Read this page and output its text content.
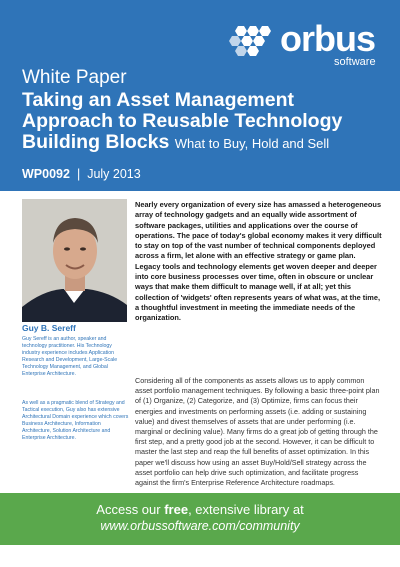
orbus
software
White Paper
Taking an Asset Management Approach to Reusable Technology Building Blocks What to Buy, Hold and Sell
WP0092 | July 2013
Guy B. Sereff
Guy Sereff is an author, speaker and technology practitioner. His Technology industry experience includes Application Research and Development, Large-Scale Technology Management, and Global Enterprise Architecture.
As well as a pragmatic blend of Strategy and Tactical execution, Guy also has extensive Architectural Domain experience which covers Business Architecture, Information Architecture, Solution Architecture and Enterprise Architecture.
Nearly every organization of every size has amassed a heterogeneous array of technology gadgets and an equally wide assortment of software packages, utilities and applications over the course of operations. The pace of today's global economy makes it very difficult to stay on top of the vast number of technical components deployed across a firm, let alone with an effective strategy or game plan. Legacy tools and technology elements get woven deeper and deeper into core business processes over time, often in obscure or unclear ways that make them difficult to manage well, if at all; yet this collection of 'widgets' often represents years of what was, at the time, a thoughtful investment in meeting the immediate needs of the organization.
Considering all of the components as assets allows us to apply common asset portfolio management techniques. By following a basic three-point plan of (1) Organize, (2) Categorize, and (3) Optimize, firms can focus their energies and investments on performing assets (i.e. adding or sustaining value) and divest themselves of assets that are under performing (i.e. marginal or declining value). Many firms do a great job of getting through the first step, and a pretty good job at the second. However, it can be difficult to master the last step and reap the full benefits of asset optimization. In this paper we'll discuss how using an asset Buy/Hold/Sell strategy across the asset portfolio can help drive such optimization, and facilitate progress against the firm's Enterprise Reference Architecture roadmaps.
Access our free, extensive library at
www.orbussoftware.com/community
